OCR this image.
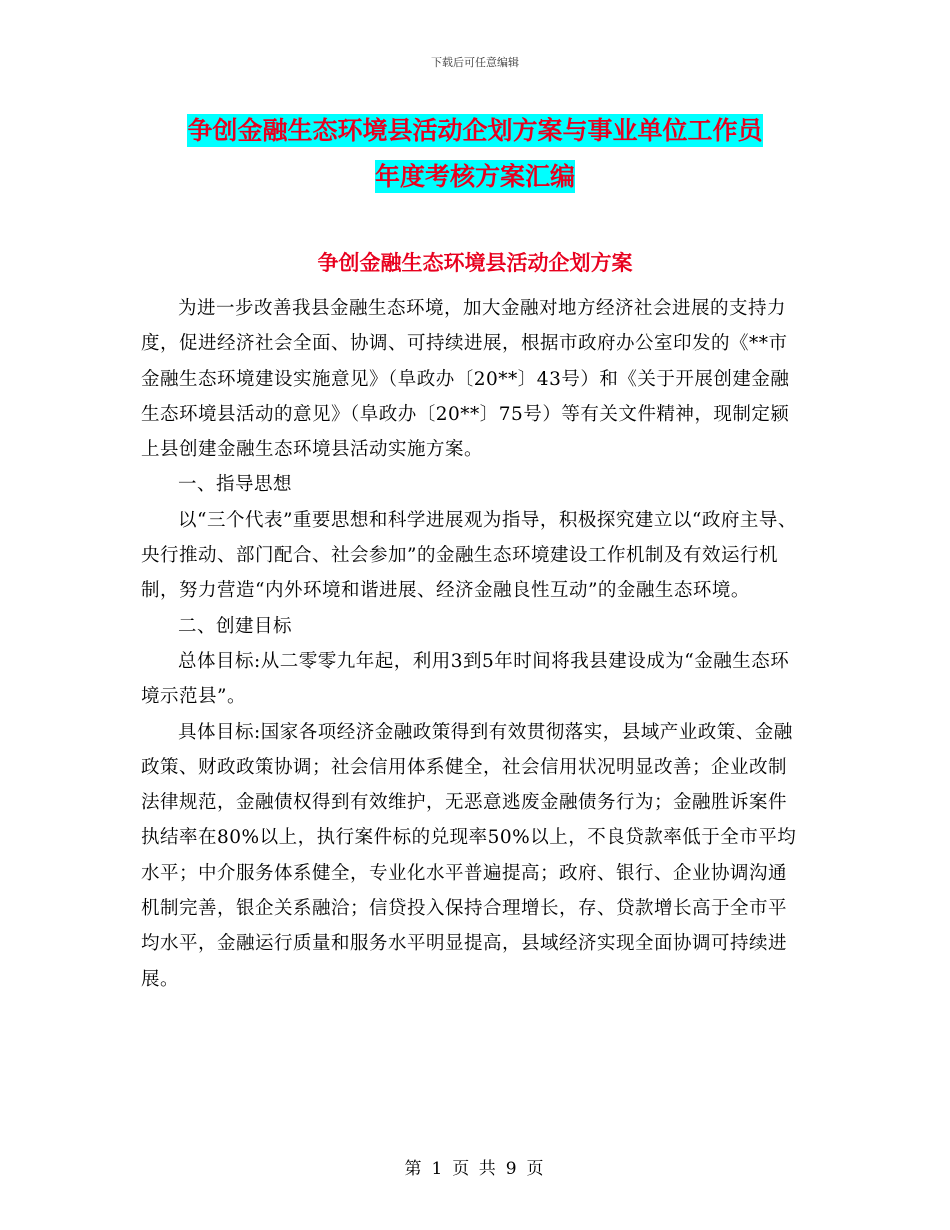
下载后可任意编辑
争创金融生态环境县活动企划方案与事业单位工作员
年度考核方案汇编
争创金融生态环境县活动企划方案

为进一步改善我县金融生态环境，加大金融对地方经济社会进展的支持力度，促进经济社会全面、协调、可持续进展，根据市政府办公室印发的《**市金融生态环境建设实施意见》（阜政办〔20**〕43号）和《关于开展创建金融生态环境县活动的意见》（阜政办〔20**〕75号）等有关文件精神，现制定颍上县创建金融生态环境县活动实施方案。

一、指导思想

以“三个代表”重要思想和科学进展观为指导，积极探究建立以“政府主导、央行推动、部门配合、社会参加”的金融生态环境建设工作机制及有效运行机制，努力营造“内外环境和谐进展、经济金融良性互动”的金融生态环境。

二、创建目标

总体目标:从二零零九年起，利用3到5年时间将我县建设成为“金融生态环境示范县”。

具体目标:国家各项经济金融政策得到有效贯彻落实，县域产业政策、金融政策、财政政策协调；社会信用体系健全，社会信用状况明显改善；企业改制法律规范，金融债权得到有效维护，无恶意逃废金融债务行为；金融胜诉案件执结率在80%以上，执行案件标的兑现率50%以上，不良贷款率低于全市平均水平；中介服务体系健全，专业化水平普遍提高；政府、银行、企业协调沟通机制完善，银企关系融洽；信贷投入保持合理增长，存、贷款增长高于全市平均水平，金融运行质量和服务水平明显提高，县域经济实现全面协调可持续进展。

第 1 页 共 9 页
